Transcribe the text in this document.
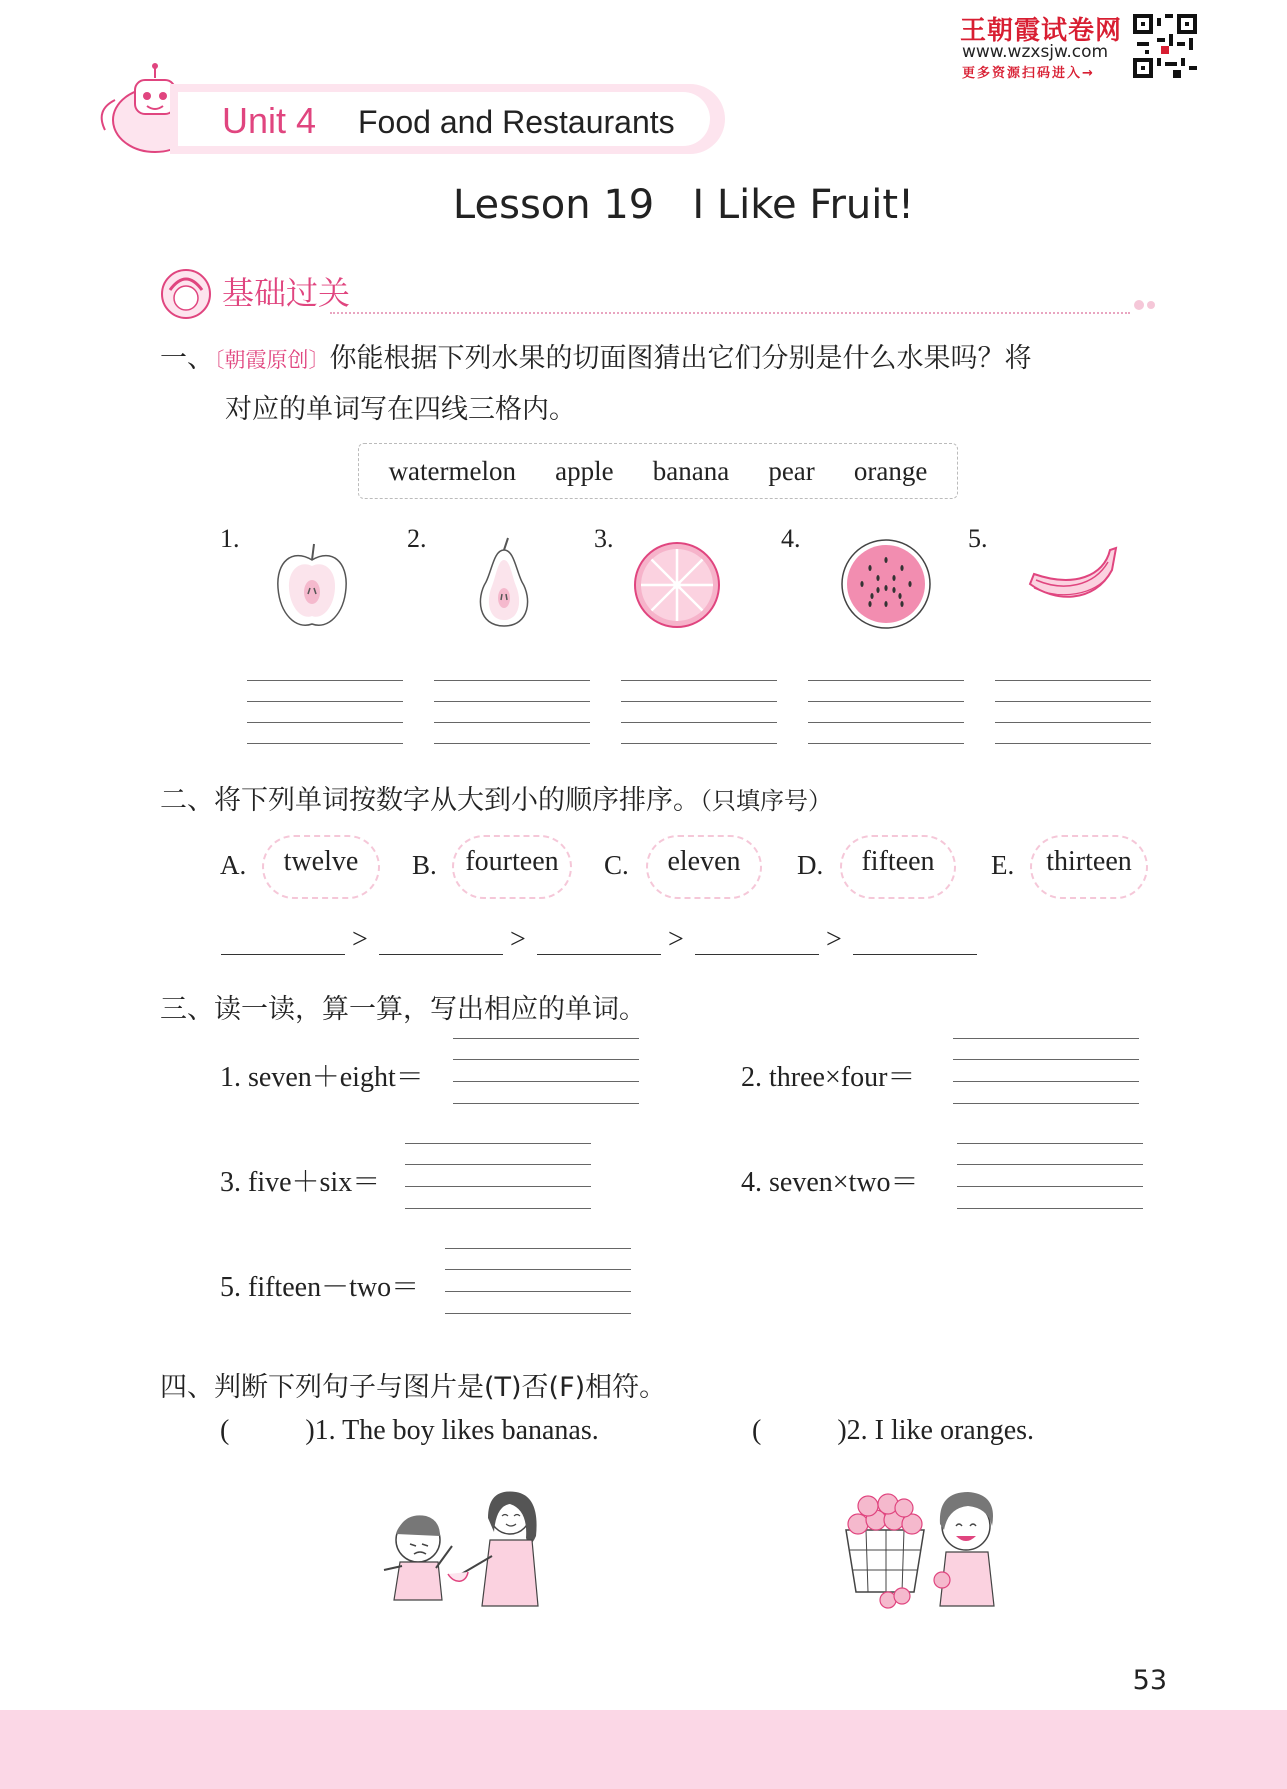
王朝霞试卷网
www.wzxsjw.com
更多资源扫码进入→
Unit 4 Food and Restaurants
Lesson 19   I Like Fruit!
基础过关
一、〔朝霞原创〕你能根据下列水果的切面图猜出它们分别是什么水果吗？将
对应的单词写在四线三格内。
watermelon apple banana pear orange
1.	2.	3.	4.	5.
二、将下列单词按数字从大到小的顺序排序。（只填序号）
A. twelve B. fourteen C. eleven D. fifteen E. thirteen
>	>	>	>
三、读一读，算一算，写出相应的单词。
1. seven＋eight＝	2. three×four＝
3. five＋six＝	4. seven×two＝
5. fifteen－two＝
四、判断下列句子与图片是(T)否(F)相符。
(	)1. The boy likes bananas.	(	)2. I like oranges.
53
